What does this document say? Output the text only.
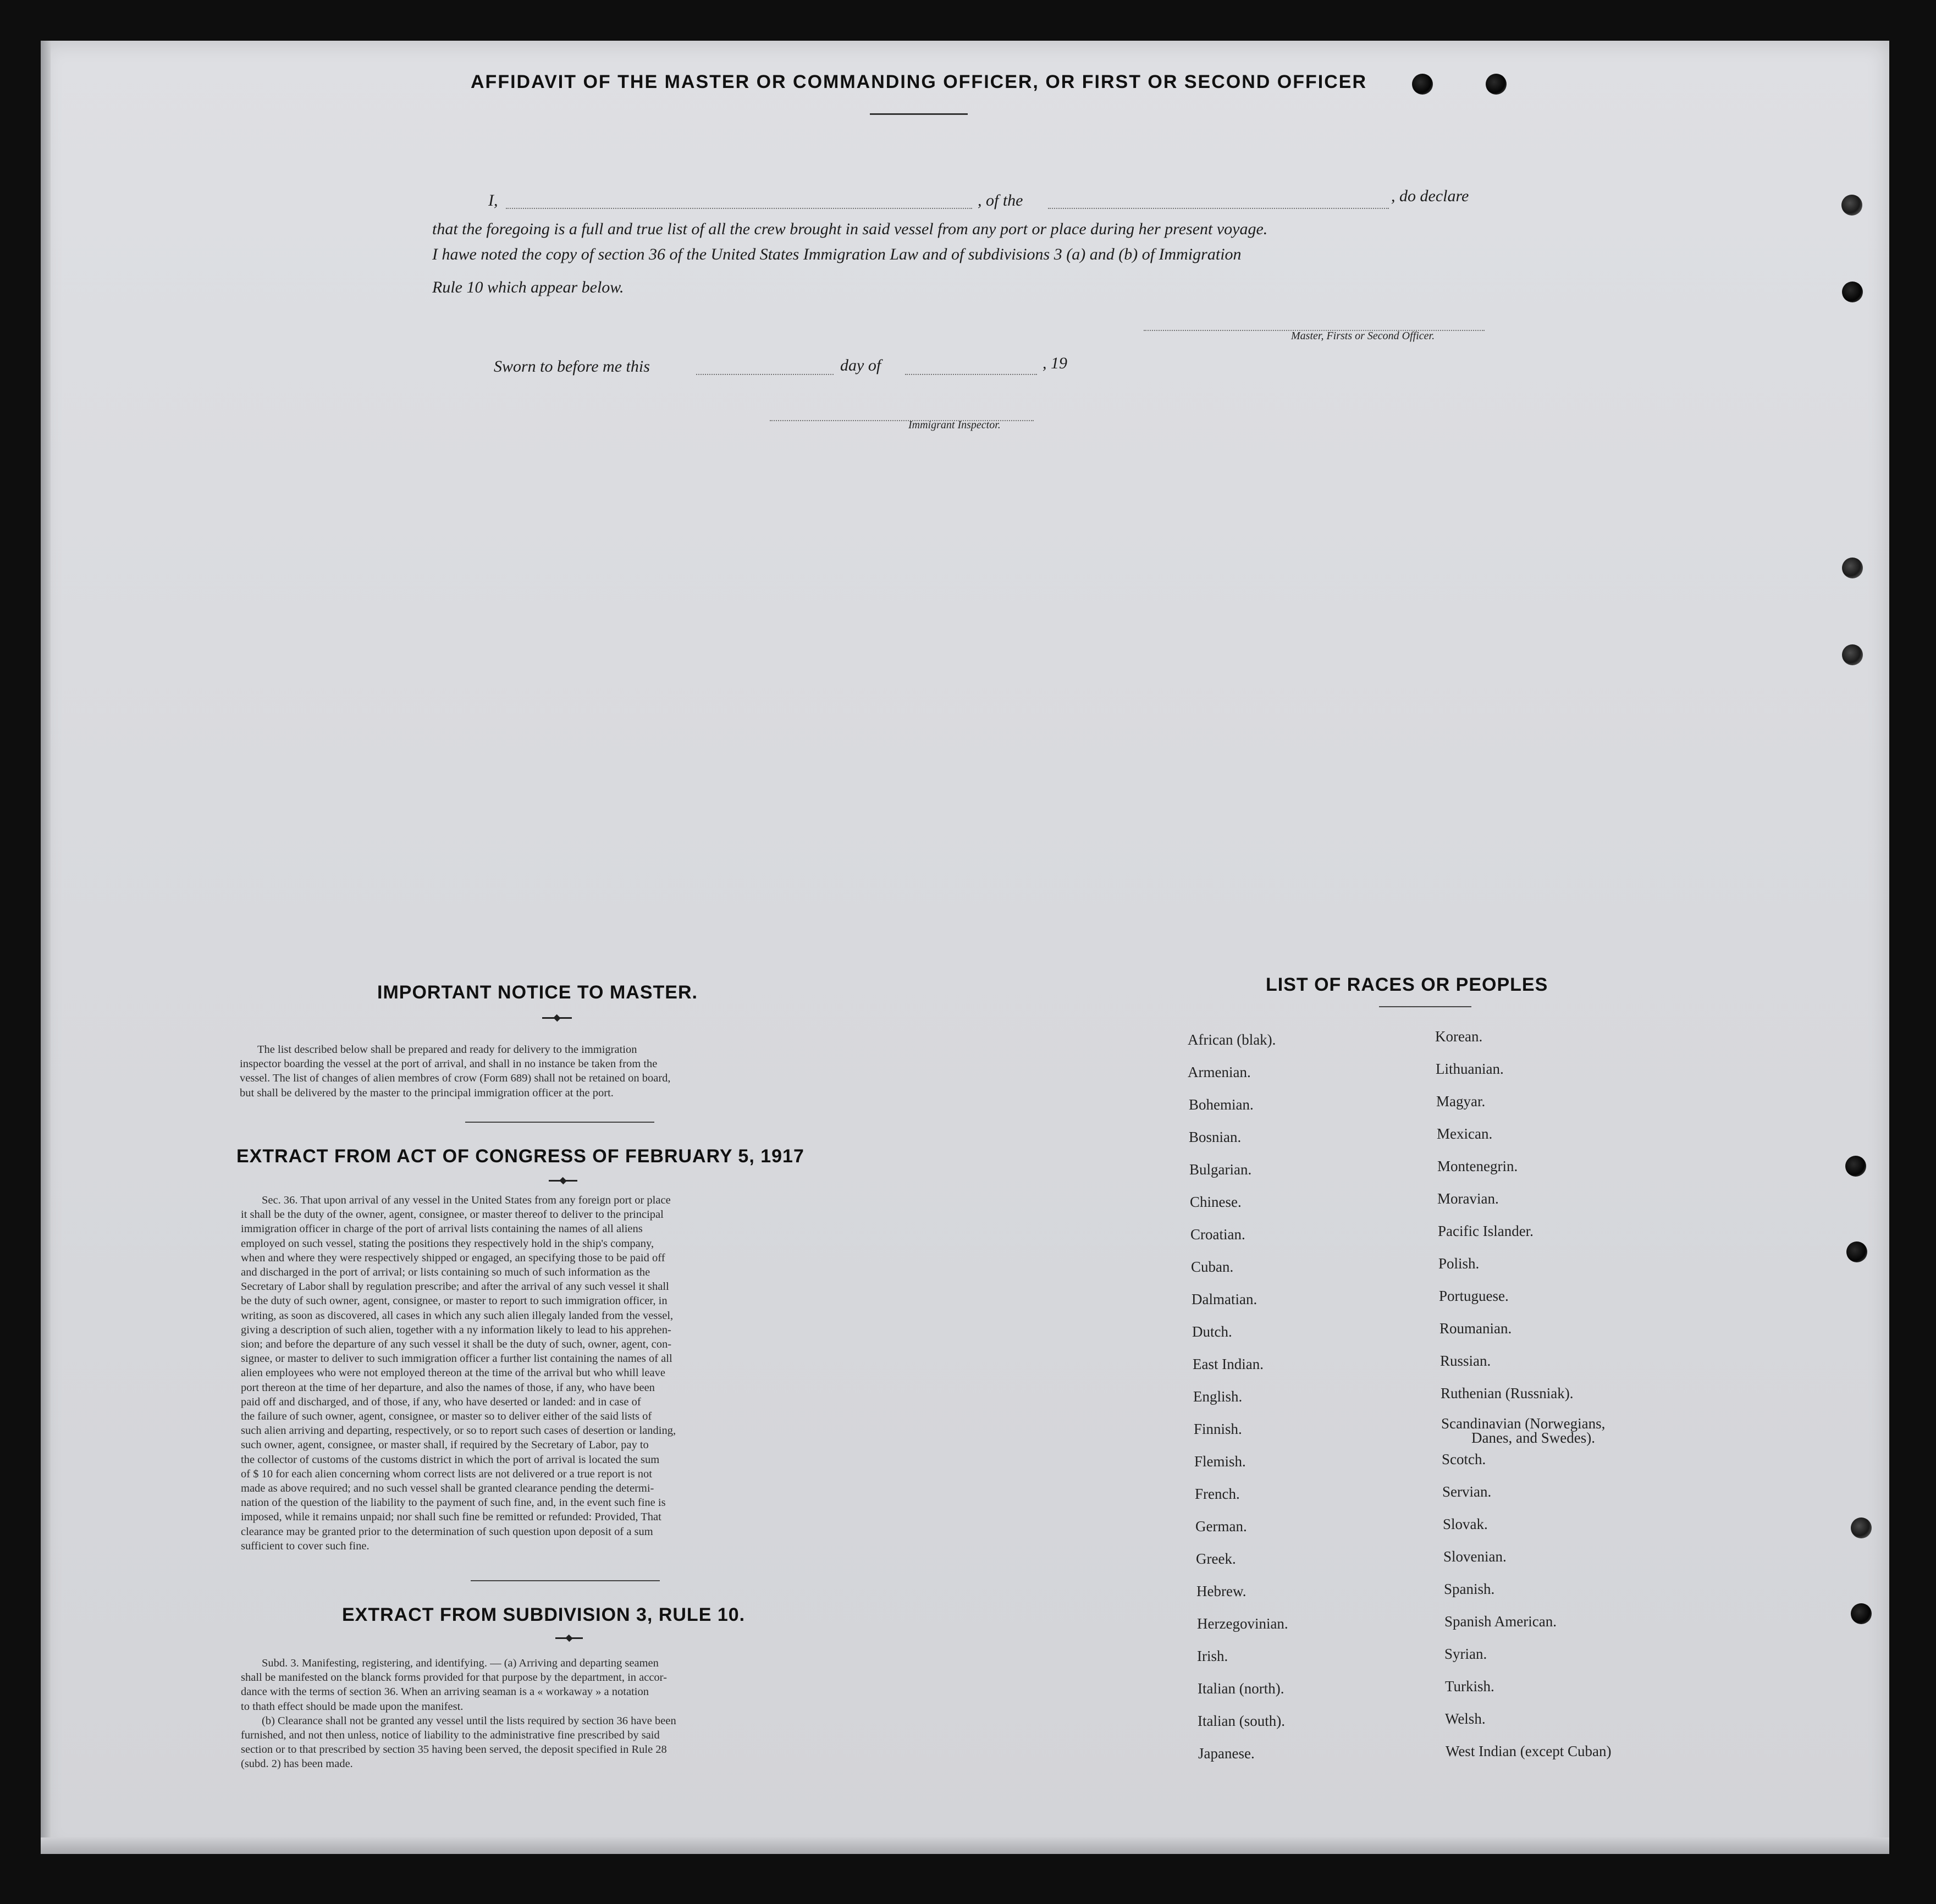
AFFIDAVIT OF THE MASTER OR COMMANDING OFFICER, OR FIRST OR SECOND OFFICER
I,	, of the	, do declare
that the foregoing is a full and true list of all the crew brought in said vessel from any port or place during her present voyage.
I hawe noted the copy of section 36 of the United States Immigration Law and of subdivisions 3 (a) and (b) of Immigration
Rule 10 which appear below.
Master, Firsts or Second Officer.
Sworn to before me this	day of	, 19
Immigrant Inspector.
IMPORTANT NOTICE TO MASTER.
The list described below shall be prepared and ready for delivery to the immigration
inspector boarding the vessel at the port of arrival, and shall in no instance be taken from the
vessel. The list of changes of alien membres of crow (Form 689) shall not be retained on board,
but shall be delivered by the master to the principal immigration officer at the port.
EXTRACT FROM ACT OF CONGRESS OF FEBRUARY 5, 1917
Sec. 36. That upon arrival of any vessel in the United States from any foreign port or place
it shall be the duty of the owner, agent, consignee, or master thereof to deliver to the principal
immigration officer in charge of the port of arrival lists containing the names of all aliens
employed on such vessel, stating the positions they respectively hold in the ship's company,
when and where they were respectively shipped or engaged, an specifying those to be paid off
and discharged in the port of arrival; or lists containing so much of such information as the
Secretary of Labor shall by regulation prescribe; and after the arrival of any such vessel it shall
be the duty of such owner, agent, consignee, or master to report to such immigration officer, in
writing, as soon as discovered, all cases in which any such alien illegaly landed from the vessel,
giving a description of such alien, together with a ny information likely to lead to his apprehen-
sion; and before the departure of any such vessel it shall be the duty of such, owner, agent, con-
signee, or master to deliver to such immigration officer a further list containing the names of all
alien employees who were not employed thereon at the time of the arrival but who whill leave
port thereon at the time of her departure, and also the names of those, if any, who have been
paid off and discharged, and of those, if any, who have deserted or landed: and in case of
the failure of such owner, agent, consignee, or master so to deliver either of the said lists of
such alien arriving and departing, respectively, or so to report such cases of desertion or landing,
such owner, agent, consignee, or master shall, if required by the Secretary of Labor, pay to
the collector of customs of the customs district in which the port of arrival is located the sum
of $ 10 for each alien concerning whom correct lists are not delivered or a true report is not
made as above required; and no such vessel shall be granted clearance pending the determi-
nation of the question of the liability to the payment of such fine, and, in the event such fine is
imposed, while it remains unpaid; nor shall such fine be remitted or refunded: Provided, That
clearance may be granted prior to the determination of such question upon deposit of a sum
sufficient to cover such fine.
EXTRACT FROM SUBDIVISION 3, RULE 10.
Subd. 3. Manifesting, registering, and identifying. — (a) Arriving and departing seamen
shall be manifested on the blanck forms provided for that purpose by the department, in accor-
dance with the terms of section 36. When an arriving seaman is a « workaway » a notation
to thath effect should be made upon the manifest.
(b) Clearance shall not be granted any vessel until the lists required by section 36 have been
furnished, and not then unless, notice of liability to the administrative fine prescribed by said
section or to that prescribed by section 35 having been served, the deposit specified in Rule 28
(subd. 2) has been made.
LIST OF RACES OR PEOPLES
African (blak).
Armenian.
Bohemian.
Bosnian.
Bulgarian.
Chinese.
Croatian.
Cuban.
Dalmatian.
Dutch.
East Indian.
English.
Finnish.
Flemish.
French.
German.
Greek.
Hebrew.
Herzegovinian.
Irish.
Italian (north).
Italian (south).
Japanese.
Korean.
Lithuanian.
Magyar.
Mexican.
Montenegrin.
Moravian.
Pacific Islander.
Polish.
Portuguese.
Roumanian.
Russian.
Ruthenian (Russniak).
Scandinavian (Norwegians,
Danes, and Swedes).
Scotch.
Servian.
Slovak.
Slovenian.
Spanish.
Spanish American.
Syrian.
Turkish.
Welsh.
West Indian (except Cuban)
